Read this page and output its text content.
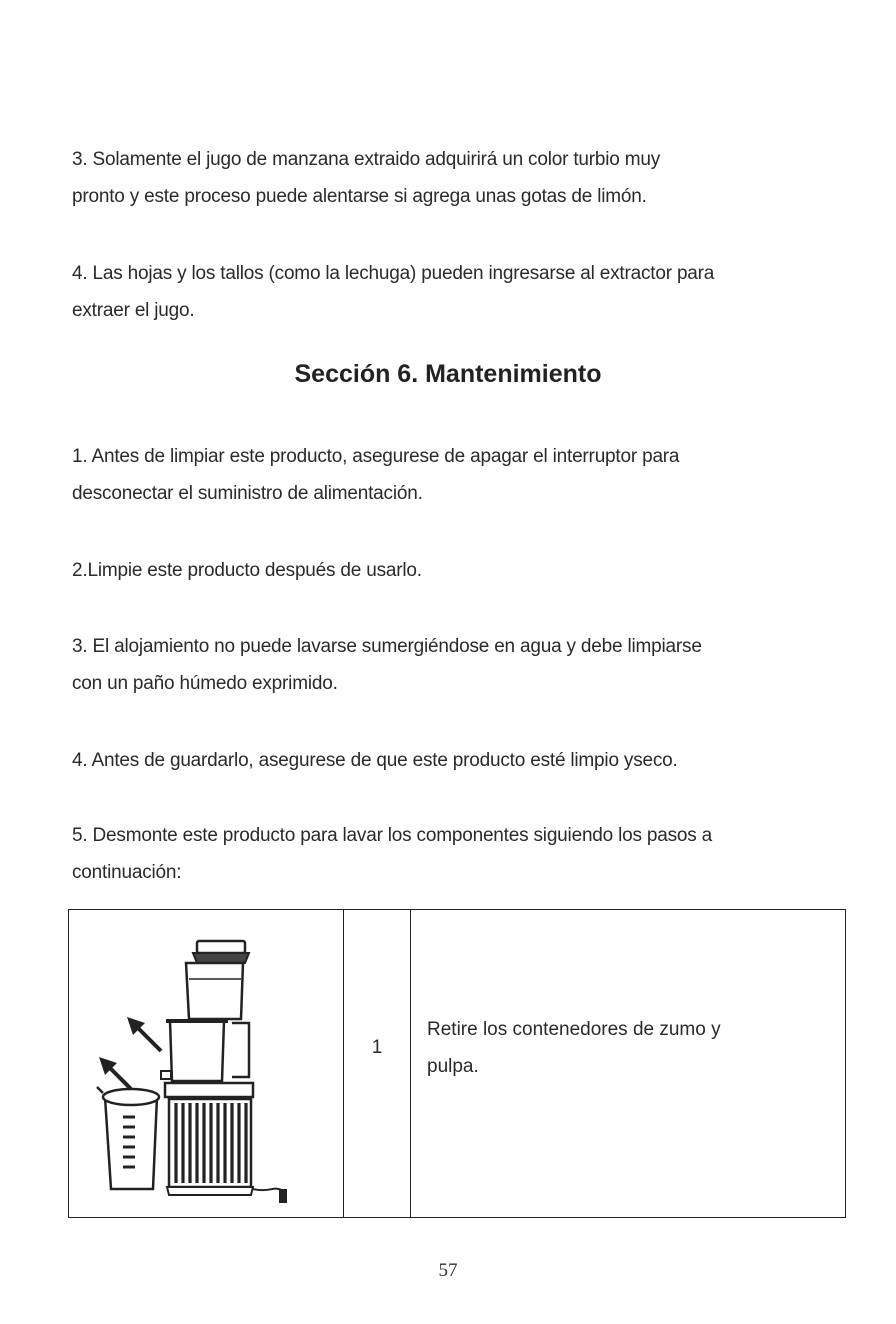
3. Solamente el jugo de manzana extraido adquirirá un color turbio muy
pronto y este proceso puede alentarse si agrega unas gotas de limón.

4. Las hojas y los tallos (como la lechuga) pueden ingresarse al extractor para
extraer el jugo.

Sección 6. Mantenimiento

1. Antes de limpiar este producto, asegurese de apagar el interruptor para
desconectar el suministro de alimentación.

2.Limpie este producto después de usarlo.

3. El alojamiento no puede lavarse sumergiéndose en agua y debe limpiarse
con un paño húmedo exprimido.

4. Antes de guardarlo, asegurese de que este producto esté limpio yseco.

5. Desmonte este producto para lavar los componentes siguiendo los pasos a
continuación:

1

Retire los contenedores de zumo y
pulpa.

57
